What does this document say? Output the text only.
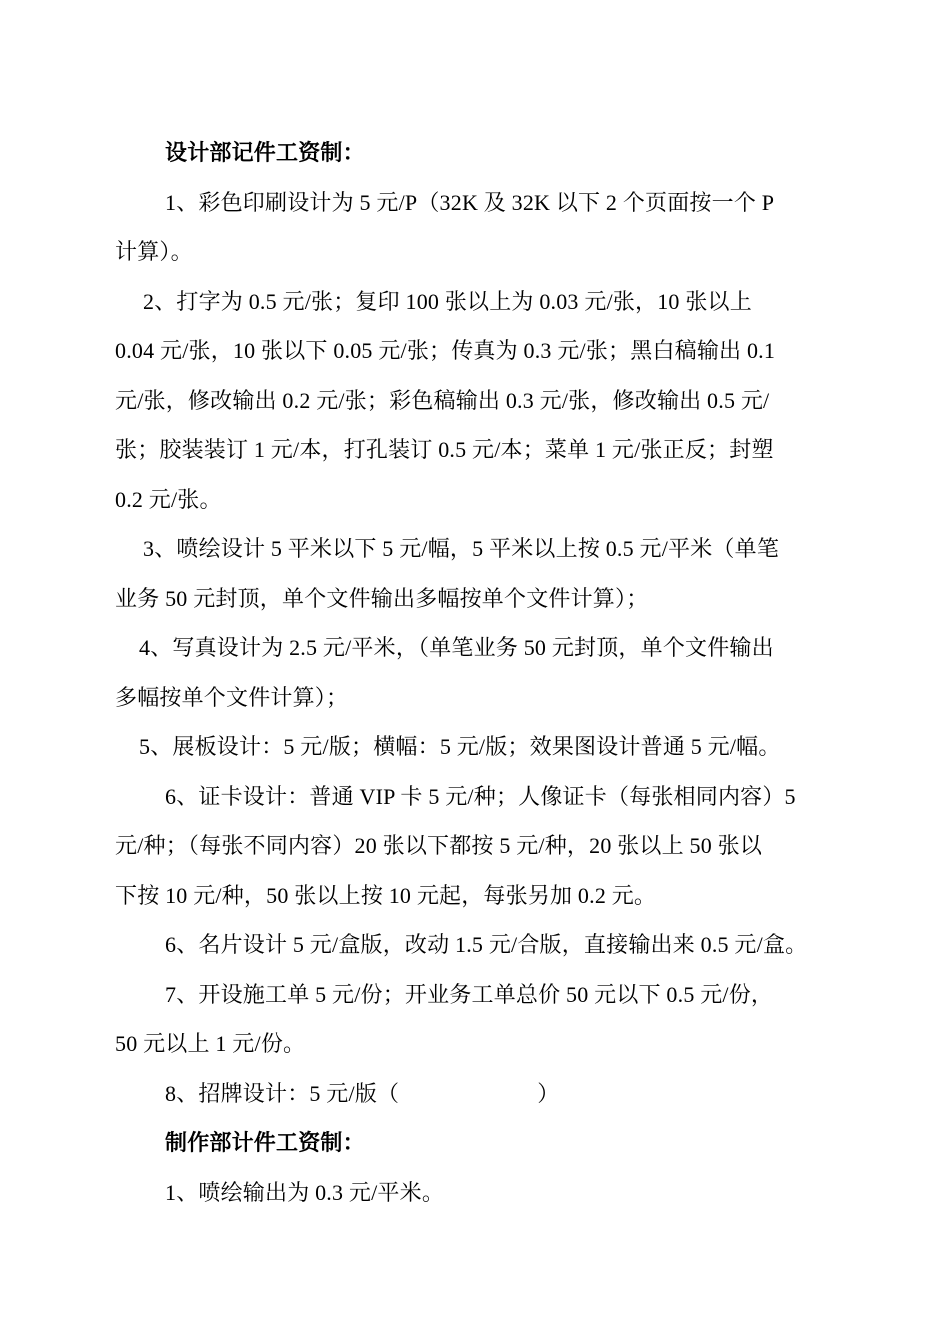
设计部记件工资制：
1、彩色印刷设计为 5 元/P（32K 及 32K 以下 2 个页面按一个 P
计算）。
2、打字为 0.5 元/张；复印 100 张以上为 0.03 元/张，10 张以上
0.04 元/张，10 张以下 0.05 元/张；传真为 0.3 元/张；黑白稿输出 0.1
元/张，修改输出 0.2 元/张；彩色稿输出 0.3 元/张，修改输出 0.5 元/
张；胶装装订 1 元/本，打孔装订 0.5 元/本；菜单 1 元/张正反；封塑
0.2 元/张。
3、喷绘设计 5 平米以下 5 元/幅，5 平米以上按 0.5 元/平米（单笔
业务 50 元封顶，单个文件输出多幅按单个文件计算）；
4、写真设计为 2.5 元/平米，（单笔业务 50 元封顶，单个文件输出
多幅按单个文件计算）；
5、展板设计：5 元/版；横幅：5 元/版；效果图设计普通 5 元/幅。
6、证卡设计：普通 VIP 卡 5 元/种；人像证卡（每张相同内容）5
元/种；（每张不同内容）20 张以下都按 5 元/种，20 张以上 50 张以
下按 10 元/种，50 张以上按 10 元起，每张另加 0.2 元。
6、名片设计 5 元/盒版，改动 1.5 元/合版，直接输出来 0.5 元/盒。
7、开设施工单 5 元/份；开业务工单总价 50 元以下 0.5 元/份，
50 元以上 1 元/份。
8、招牌设计：5 元/版（	）
制作部计件工资制：
1、喷绘输出为 0.3 元/平米。
